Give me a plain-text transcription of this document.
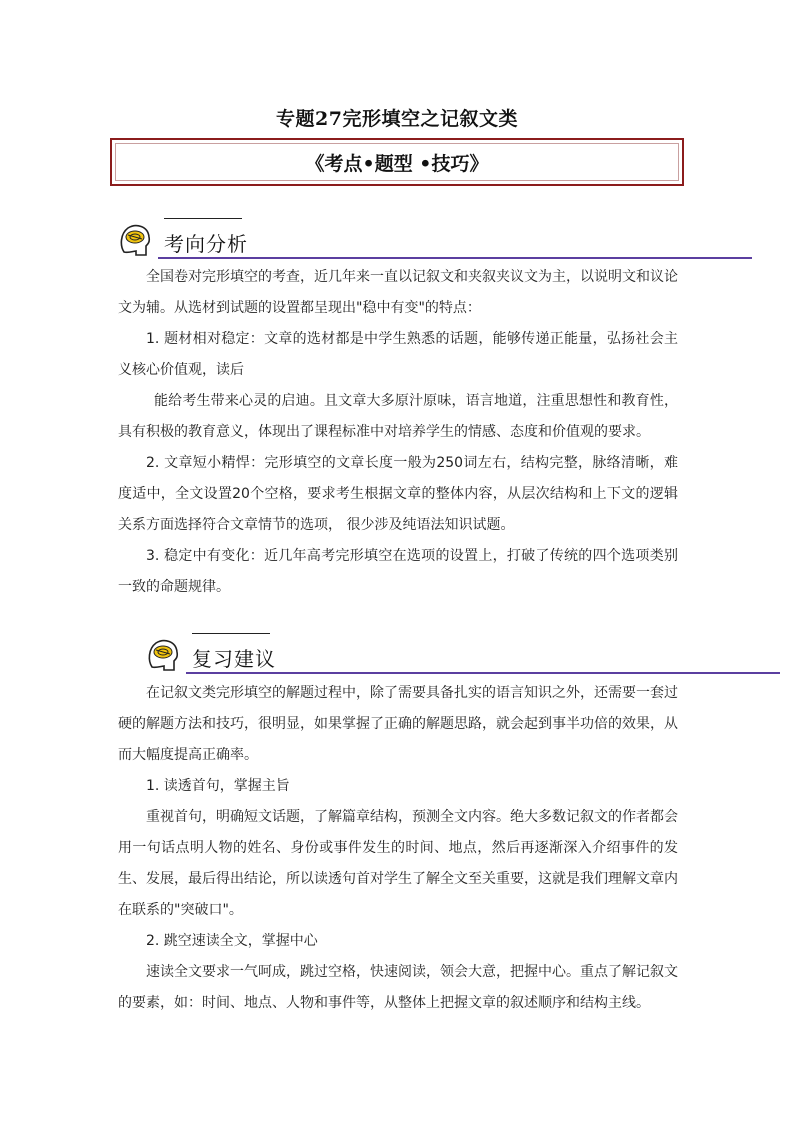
专题27完形填空之记叙文类
《考点•题型 •技巧》
考向分析

全国卷对完形填空的考查，近几年来一直以记叙文和夹叙夹议文为主，以说明文和议论文为辅。从选材到试题的设置都呈现出"稳中有变"的特点：

1. 题材相对稳定：文章的选材都是中学生熟悉的话题，能够传递正能量，弘扬社会主义核心价值观，读后

能给考生带来心灵的启迪。且文章大多原汁原味，语言地道，注重思想性和教育性，具有积极的教育意义，体现出了课程标准中对培养学生的情感、态度和价值观的要求。

2. 文章短小精悍：完形填空的文章长度一般为250词左右，结构完整，脉络清晰，难度适中，全文设置20个空格，要求考生根据文章的整体内容，从层次结构和上下文的逻辑关系方面选择符合文章情节的选项， 很少涉及纯语法知识试题。

3. 稳定中有变化：近几年高考完形填空在选项的设置上，打破了传统的四个选项类别一致的命题规律。

复习建议

在记叙文类完形填空的解题过程中，除了需要具备扎实的语言知识之外，还需要一套过硬的解题方法和技巧，很明显，如果掌握了正确的解题思路，就会起到事半功倍的效果，从而大幅度提高正确率。

1. 读透首句，掌握主旨

重视首句，明确短文话题，了解篇章结构，预测全文内容。绝大多数记叙文的作者都会用一句话点明人物的姓名、身份或事件发生的时间、地点，然后再逐渐深入介绍事件的发生、发展，最后得出结论，所以读透句首对学生了解全文至关重要，这就是我们理解文章内在联系的"突破口"。

2. 跳空速读全文，掌握中心

速读全文要求一气呵成，跳过空格，快速阅读，领会大意，把握中心。重点了解记叙文的要素，如：时间、地点、人物和事件等，从整体上把握文章的叙述顺序和结构主线。
